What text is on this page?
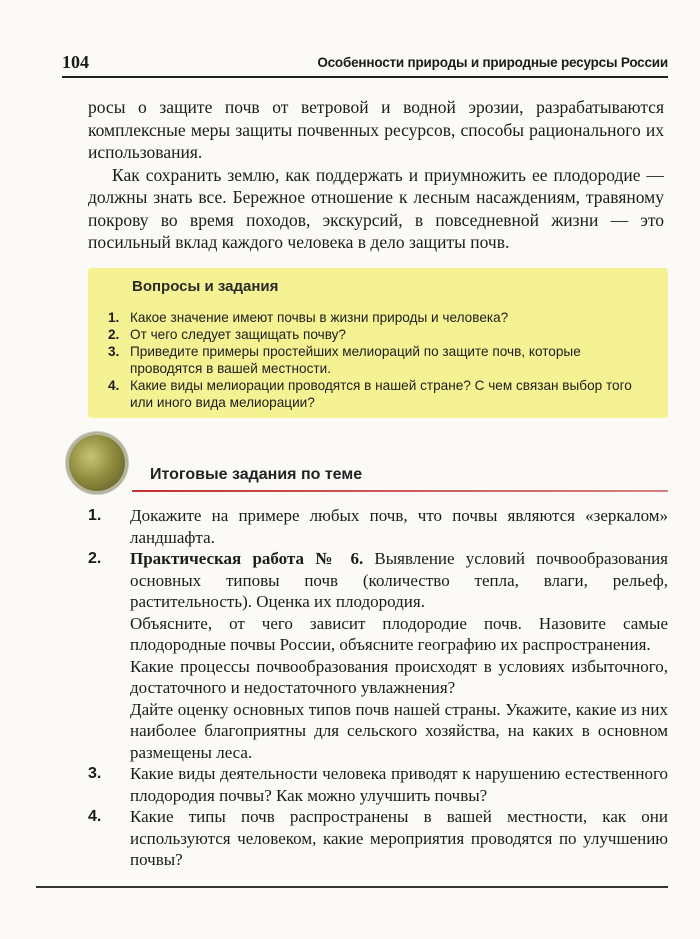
104	Особенности природы и природные ресурсы России

росы о защите почв от ветровой и водной эрозии, разрабатываются комплексные меры защиты почвенных ресурсов, способы рационального их использования.

Как сохранить землю, как поддержать и приумножить ее плодородие — должны знать все. Бережное отношение к лесным насаждениям, травяному покрову во время походов, экскурсий, в повседневной жизни — это посильный вклад каждого человека в дело защиты почв.

Вопросы и задания
1. Какое значение имеют почвы в жизни природы и человека?
2. От чего следует защищать почву?
3. Приведите примеры простейших мелиораций по защите почв, которые проводятся в вашей местности.
4. Какие виды мелиорации проводятся в нашей стране? С чем связан выбор того или иного вида мелиорации?
Итоговые задания по теме
1. Докажите на примере любых почв, что почвы являются «зеркалом» ландшафта.

2. Практическая работа № 6. Выявление условий почвообразования основных типовы почв (количество тепла, влаги, рельеф, растительность). Оценка их плодородия.

Объясните, от чего зависит плодородие почв. Назовите самые плодородные почвы России, объясните географию их распространения.

Какие процессы почвообразования происходят в условиях избыточного, достаточного и недостаточного увлажнения?

Дайте оценку основных типов почв нашей страны. Укажите, какие из них наиболее благоприятны для сельского хозяйства, на каких в основном размещены леса.

3. Какие виды деятельности человека приводят к нарушению естественного плодородия почвы? Как можно улучшить почвы?

4. Какие типы почв распространены в вашей местности, как они используются человеком, какие мероприятия проводятся по улучшению почвы?
